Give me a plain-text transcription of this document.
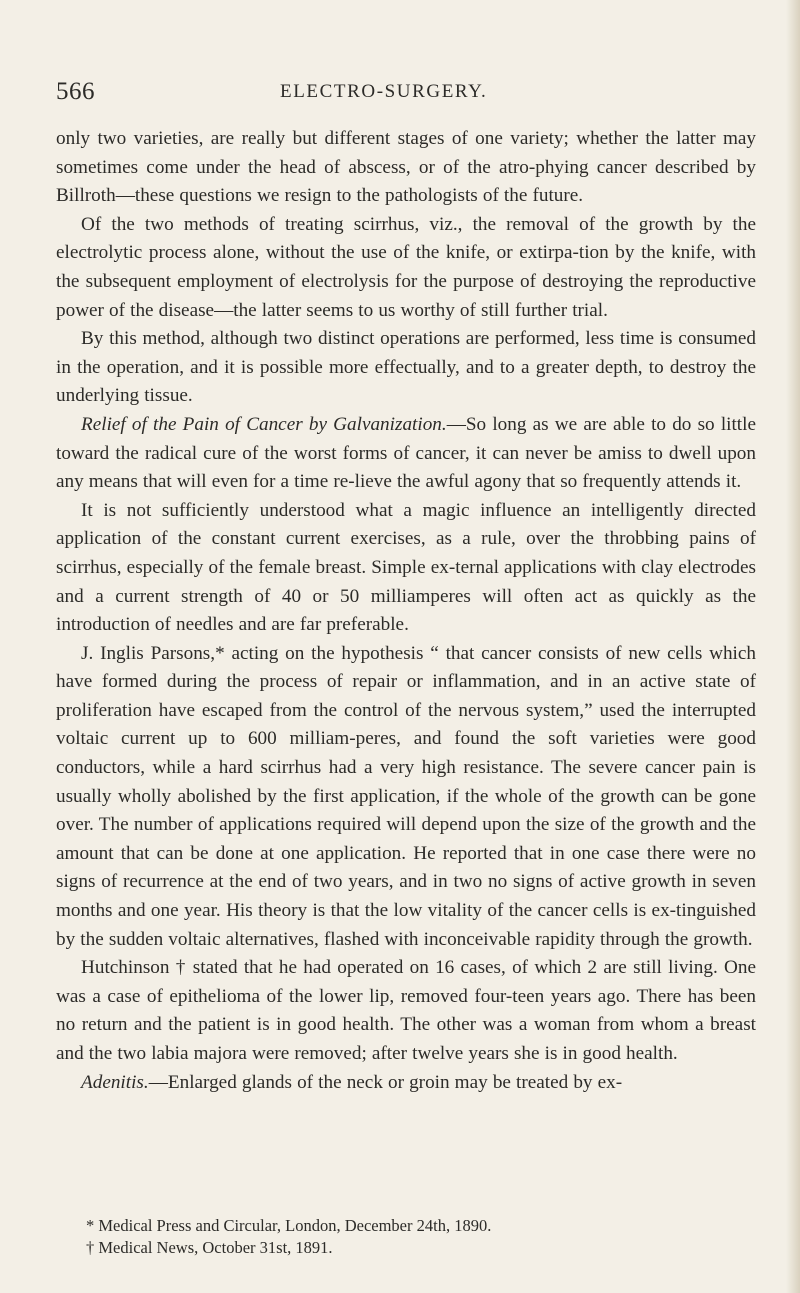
566	ELECTRO-SURGERY.

only two varieties, are really but different stages of one variety; whether the latter may sometimes come under the head of abscess, or of the atro-phying cancer described by Billroth—these questions we resign to the pathologists of the future.

Of the two methods of treating scirrhus, viz., the removal of the growth by the electrolytic process alone, without the use of the knife, or extirpa-tion by the knife, with the subsequent employment of electrolysis for the purpose of destroying the reproductive power of the disease—the latter seems to us worthy of still further trial.

By this method, although two distinct operations are performed, less time is consumed in the operation, and it is possible more effectually, and to a greater depth, to destroy the underlying tissue.

Relief of the Pain of Cancer by Galvanization.—So long as we are able to do so little toward the radical cure of the worst forms of cancer, it can never be amiss to dwell upon any means that will even for a time re-lieve the awful agony that so frequently attends it.

It is not sufficiently understood what a magic influence an intelligently directed application of the constant current exercises, as a rule, over the throbbing pains of scirrhus, especially of the female breast. Simple ex-ternal applications with clay electrodes and a current strength of 40 or 50 milliamperes will often act as quickly as the introduction of needles and are far preferable.

J. Inglis Parsons,* acting on the hypothesis “ that cancer consists of new cells which have formed during the process of repair or inflammation, and in an active state of proliferation have escaped from the control of the nervous system,” used the interrupted voltaic current up to 600 milliam-peres, and found the soft varieties were good conductors, while a hard scirrhus had a very high resistance. The severe cancer pain is usually wholly abolished by the first application, if the whole of the growth can be gone over. The number of applications required will depend upon the size of the growth and the amount that can be done at one application. He reported that in one case there were no signs of recurrence at the end of two years, and in two no signs of active growth in seven months and one year. His theory is that the low vitality of the cancer cells is ex-tinguished by the sudden voltaic alternatives, flashed with inconceivable rapidity through the growth.

Hutchinson † stated that he had operated on 16 cases, of which 2 are still living. One was a case of epithelioma of the lower lip, removed four-teen years ago. There has been no return and the patient is in good health. The other was a woman from whom a breast and the two labia majora were removed; after twelve years she is in good health.

Adenitis.—Enlarged glands of the neck or groin may be treated by ex-

* Medical Press and Circular, London, December 24th, 1890.

† Medical News, October 31st, 1891.
